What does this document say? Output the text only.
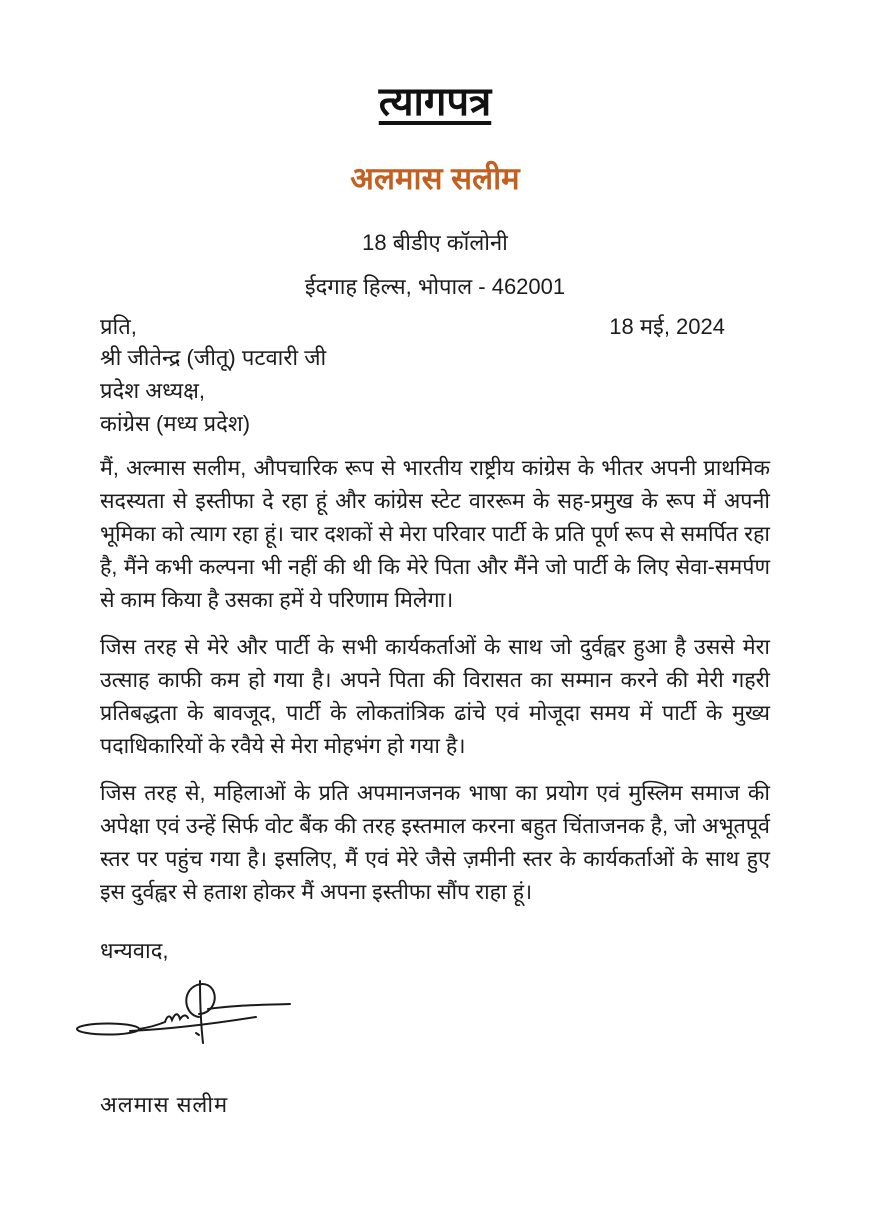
त्यागपत्र
अलमास सलीम
18 बीडीए कॉलोनी
ईदगाह हिल्स, भोपाल - 462001
प्रति,	18 मई, 2024
श्री जीतेन्द्र (जीतू) पटवारी जी
प्रदेश अध्यक्ष,
कांग्रेस (मध्य प्रदेश)

मैं, अल्मास सलीम, औपचारिक रूप से भारतीय राष्ट्रीय कांग्रेस के भीतर अपनी प्राथमिक सदस्यता से इस्तीफा दे रहा हूं और कांग्रेस स्टेट वाररूम के सह-प्रमुख के रूप में अपनी भूमिका को त्याग रहा हूं। चार दशकों से मेरा परिवार पार्टी के प्रति पूर्ण रूप से समर्पित रहा है, मैंने कभी कल्पना भी नहीं की थी कि मेरे पिता और मैंने जो पार्टी के लिए सेवा-समर्पण से काम किया है उसका हमें ये परिणाम मिलेगा।

जिस तरह से मेरे और पार्टी के सभी कार्यकर्ताओं के साथ जो दुर्वह्वर हुआ है उससे मेरा उत्साह काफी कम हो गया है। अपने पिता की विरासत का सम्मान करने की मेरी गहरी प्रतिबद्धता के बावजूद, पार्टी के लोकतांत्रिक ढांचे एवं मोजूदा समय में पार्टी के मुख्य पदाधिकारियों के रवैये से मेरा मोहभंग हो गया है।

जिस तरह से, महिलाओं के प्रति अपमानजनक भाषा का प्रयोग एवं मुस्लिम समाज की अपेक्षा एवं उन्हें सिर्फ वोट बैंक की तरह इस्तमाल करना बहुत चिंताजनक है, जो अभूतपूर्व स्तर पर पहुंच गया है। इसलिए, मैं एवं मेरे जैसे ज़मीनी स्तर के कार्यकर्ताओं के साथ हुए इस दुर्वह्वर से हताश होकर मैं अपना इस्तीफा सौंप राहा हूं।

धन्यवाद,
अलमास सलीम
